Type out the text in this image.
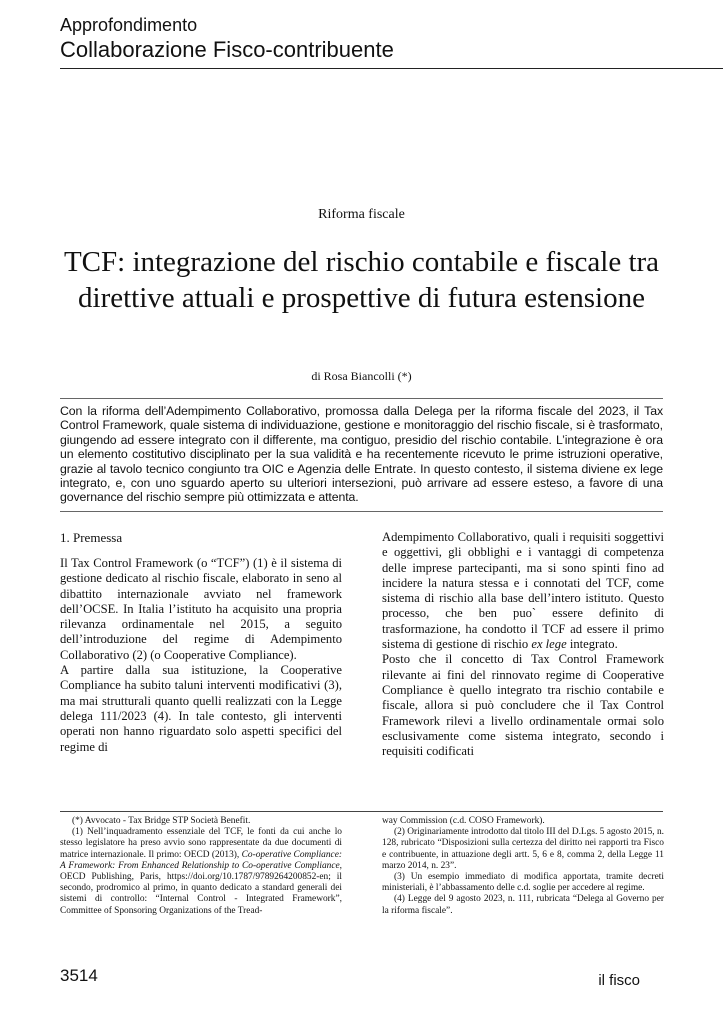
Approfondimento
Collaborazione Fisco-contribuente
Riforma fiscale
TCF: integrazione del rischio contabile e fiscale tra direttive attuali e prospettive di futura estensione
di Rosa Biancolli (*)

Con la riforma dell’Adempimento Collaborativo, promossa dalla Delega per la riforma fiscale del 2023, il Tax Control Framework, quale sistema di individuazione, gestione e monitoraggio del rischio fiscale, si è trasformato, giungendo ad essere integrato con il differente, ma contiguo, presidio del rischio contabile. L’integrazione è ora un elemento costitutivo disciplinato per la sua validità e ha recentemente ricevuto le prime istruzioni operative, grazie al tavolo tecnico congiunto tra OIC e Agenzia delle Entrate. In questo contesto, il sistema diviene ex lege integrato, e, con uno sguardo aperto su ulteriori intersezioni, può arrivare ad essere esteso, a favore di una governance del rischio sempre più ottimizzata e attenta.

1. Premessa

Il Tax Control Framework (o “TCF”) (1) è il sistema di gestione dedicato al rischio fiscale, elaborato in seno al dibattito internazionale avviato nel framework dell’OCSE. In Italia l’istituto ha acquisito una propria rilevanza ordinamentale nel 2015, a seguito dell’introduzione del regime di Adempimento Collaborativo (2) (o Cooperative Compliance).

A partire dalla sua istituzione, la Cooperative Compliance ha subito taluni interventi modificativi (3), ma mai strutturali quanto quelli realizzati con la Legge delega 111/2023 (4). In tale contesto, gli interventi operati non hanno riguardato solo aspetti specifici del regime di

Adempimento Collaborativo, quali i requisiti soggettivi e oggettivi, gli obblighi e i vantaggi di competenza delle imprese partecipanti, ma si sono spinti fino ad incidere la natura stessa e i connotati del TCF, come sistema di rischio alla base dell’intero istituto. Questo processo, che ben puo` essere definito di trasformazione, ha condotto il TCF ad essere il primo sistema di gestione di rischio ex lege integrato.

Posto che il concetto di Tax Control Framework rilevante ai fini del rinnovato regime di Cooperative Compliance è quello integrato tra rischio contabile e fiscale, allora si può concludere che il Tax Control Framework rilevi a livello ordinamentale ormai solo esclusivamente come sistema integrato, secondo i requisiti codificati

(*) Avvocato - Tax Bridge STP Società Benefit.

(1) Nell’inquadramento essenziale del TCF, le fonti da cui anche lo stesso legislatore ha preso avvio sono rappresentate da due documenti di matrice internazionale. Il primo: OECD (2013), Co-operative Compliance: A Framework: From Enhanced Relationship to Co-operative Compliance, OECD Publishing, Paris, https://doi.org/10.1787/9789264200852-en; il secondo, prodromico al primo, in quanto dedicato a standard generali dei sistemi di controllo: “Internal Control - Integrated Framework”, Committee of Sponsoring Organizations of the Tread-

way Commission (c.d. COSO Framework).

(2) Originariamente introdotto dal titolo III del D.Lgs. 5 agosto 2015, n. 128, rubricato “Disposizioni sulla certezza del diritto nei rapporti tra Fisco e contribuente, in attuazione degli artt. 5, 6 e 8, comma 2, della Legge 11 marzo 2014, n. 23”.

(3) Un esempio immediato di modifica apportata, tramite decreti ministeriali, è l’abbassamento delle c.d. soglie per accedere al regime.

(4) Legge del 9 agosto 2023, n. 111, rubricata “Delega al Governo per la riforma fiscale”.

3514	il fisco
